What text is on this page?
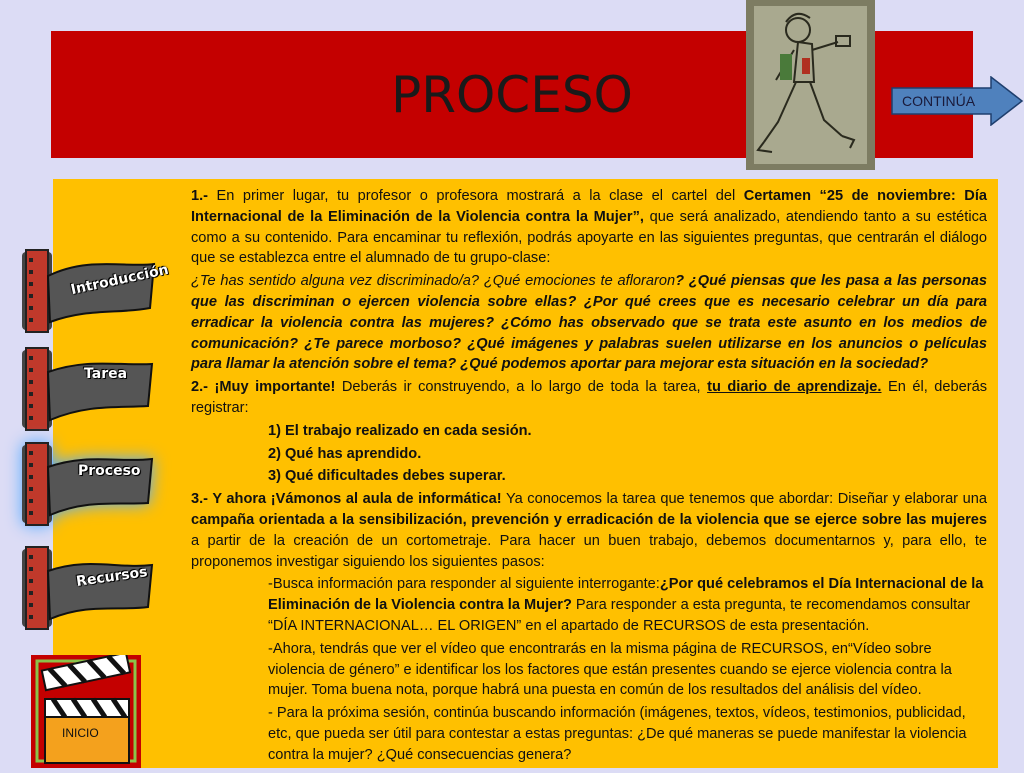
PROCESO	CONTINÚA
Introducción
Tarea
Proceso
Recursos
INICIO

1.- En primer lugar, tu profesor o profesora mostrará a la clase el cartel del Certamen “25 de noviembre: Día Internacional de la Eliminación de la Violencia contra la Mujer”, que será analizado, atendiendo tanto a su estética como a su contenido. Para encaminar tu reflexión, podrás apoyarte en las siguientes preguntas, que centrarán el diálogo que se establezca entre el alumnado de tu grupo-clase:

¿Te has sentido alguna vez discriminado/a? ¿Qué emociones te afloraron? ¿Qué piensas que les pasa a las personas que las discriminan o ejercen violencia sobre ellas? ¿Por qué crees que es necesario celebrar un día para erradicar la violencia contra las mujeres? ¿Cómo has observado que se trata este asunto en los medios de comunicación? ¿Te parece morboso? ¿Qué imágenes y palabras suelen utilizarse en los anuncios o películas para llamar la atención sobre el tema? ¿Qué podemos aportar para mejorar esta situación en la sociedad?

2.- ¡Muy importante! Deberás ir construyendo, a lo largo de toda la tarea, tu diario de aprendizaje. En él, deberás registrar:

1) El trabajo realizado en cada sesión.

2) Qué has aprendido.

3) Qué dificultades debes superar.

3.- Y ahora ¡Vámonos al aula de informática! Ya conocemos la tarea que tenemos que abordar: Diseñar y elaborar una campaña orientada a la sensibilización, prevención y erradicación de la violencia que se ejerce sobre las mujeres a partir de la creación de un cortometraje. Para hacer un buen trabajo, debemos documentarnos y, para ello, te proponemos investigar siguiendo los siguientes pasos:

-Busca información para responder al siguiente interrogante:¿Por qué celebramos el Día Internacional de la Eliminación de la Violencia contra la Mujer? Para responder a esta pregunta, te recomendamos consultar “DÍA INTERNACIONAL… EL ORIGEN” en el apartado de RECURSOS de esta presentación.

-Ahora, tendrás que ver el vídeo que encontrarás en la misma página de RECURSOS, en“Vídeo sobre violencia de género” e identificar los los factores que están presentes cuando se ejerce violencia contra la mujer. Toma buena nota, porque habrá una puesta en común de los resultados del análisis del vídeo.

- Para la próxima sesión, continúa buscando información (imágenes, textos, vídeos, testimonios, publicidad, etc, que pueda ser útil para contestar a estas preguntas: ¿De qué maneras se puede manifestar la violencia contra la mujer? ¿Qué consecuencias genera?
